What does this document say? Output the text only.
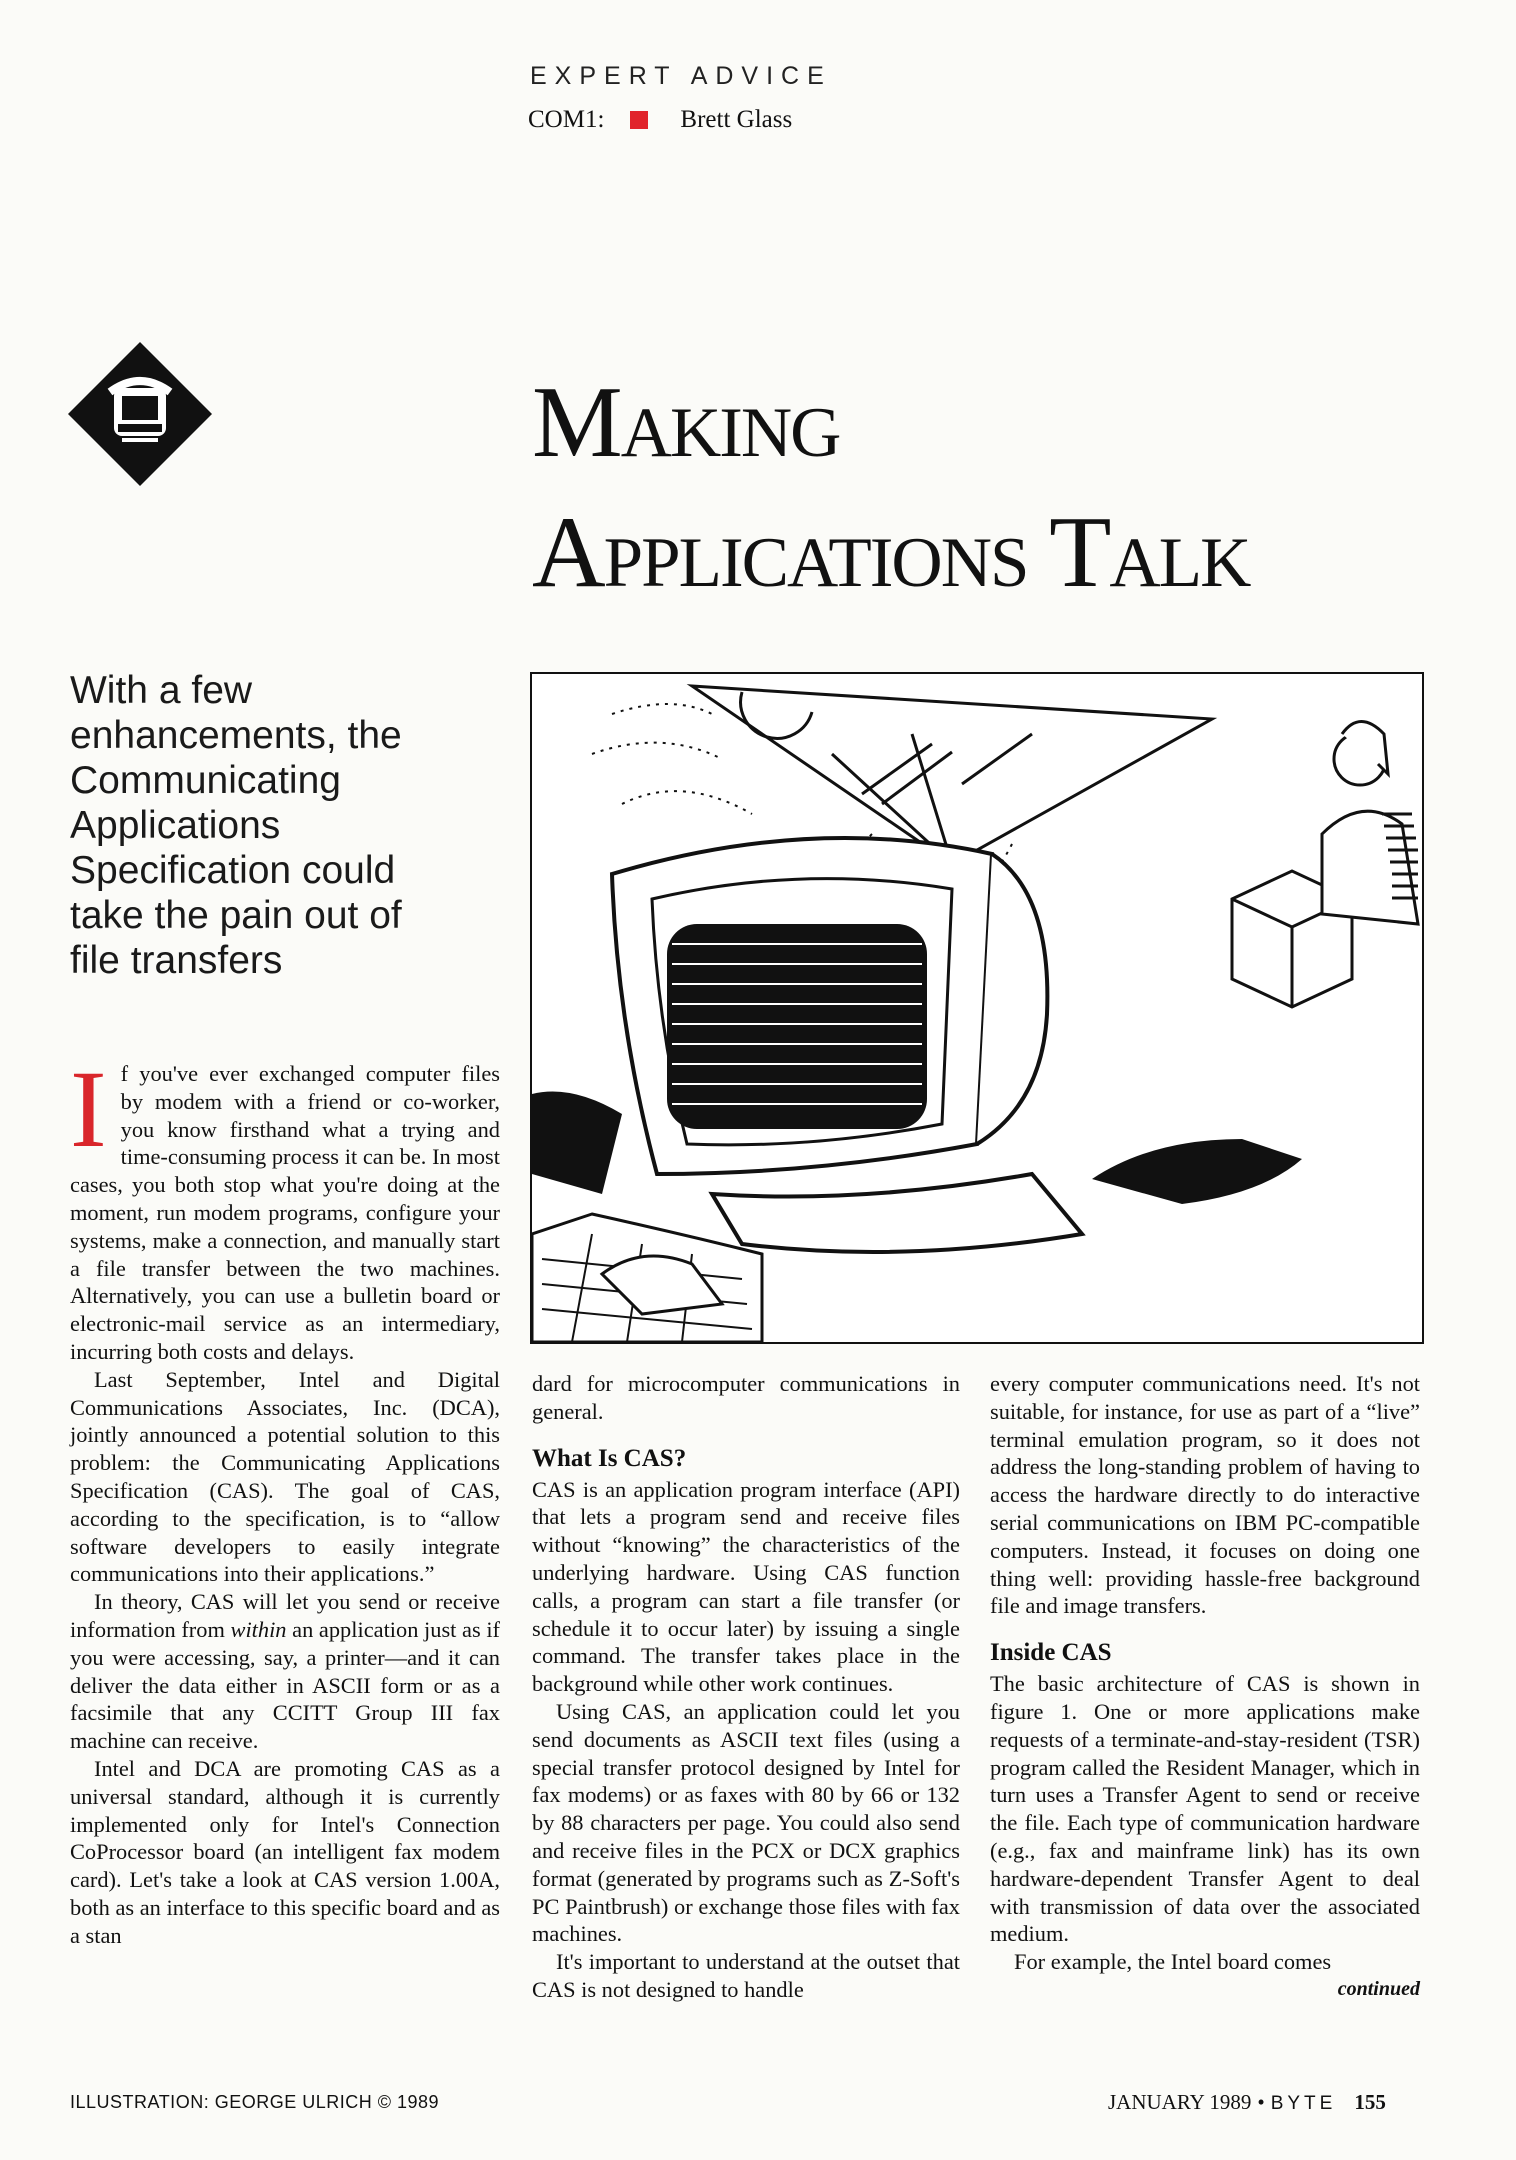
EXPERT ADVICE
COM1:	Brett Glass
Making
Applications Talk
With a few enhancements, the Communicating Applications Specification could take the pain out of file transfers

If you've ever exchanged computer files by modem with a friend or co-worker, you know firsthand what a trying and time-consuming process it can be. In most cases, you both stop what you're doing at the moment, run modem programs, configure your systems, make a connection, and manually start a file transfer between the two machines. Alternatively, you can use a bulletin board or electronic-mail service as an intermediary, incurring both costs and delays.

Last September, Intel and Digital Communications Associates, Inc. (DCA), jointly announced a potential solution to this problem: the Communicating Applications Specification (CAS). The goal of CAS, according to the specification, is to “allow software developers to easily integrate communications into their applications.”

In theory, CAS will let you send or receive information from within an application just as if you were accessing, say, a printer—and it can deliver the data either in ASCII form or as a facsimile that any CCITT Group III fax machine can receive.

Intel and DCA are promoting CAS as a universal standard, although it is currently implemented only for Intel's Connection CoProcessor board (an intelligent fax modem card). Let's take a look at CAS version 1.00A, both as an interface to this specific board and as a stan

dard for microcomputer communications in general.

What Is CAS?

CAS is an application program interface (API) that lets a program send and receive files without “knowing” the characteristics of the underlying hardware. Using CAS function calls, a program can start a file transfer (or schedule it to occur later) by issuing a single command. The transfer takes place in the background while other work continues.

Using CAS, an application could let you send documents as ASCII text files (using a special transfer protocol designed by Intel for fax modems) or as faxes with 80 by 66 or 132 by 88 characters per page. You could also send and receive files in the PCX or DCX graphics format (generated by programs such as Z-Soft's PC Paintbrush) or exchange those files with fax machines.

It's important to understand at the outset that CAS is not designed to handle

every computer communications need. It's not suitable, for instance, for use as part of a “live” terminal emulation program, so it does not address the long-standing problem of having to access the hardware directly to do interactive serial communications on IBM PC-compatible computers. Instead, it focuses on doing one thing well: providing hassle-free background file and image transfers.

Inside CAS

The basic architecture of CAS is shown in figure 1. One or more applications make requests of a terminate-and-stay-resident (TSR) program called the Resident Manager, which in turn uses a Transfer Agent to send or receive the file. Each type of communication hardware (e.g., fax and mainframe link) has its own hardware-dependent Transfer Agent to deal with transmission of data over the associated medium.

For example, the Intel board comes

continued
ILLUSTRATION: GEORGE ULRICH © 1989	JANUARY 1989 • BYTE 155
